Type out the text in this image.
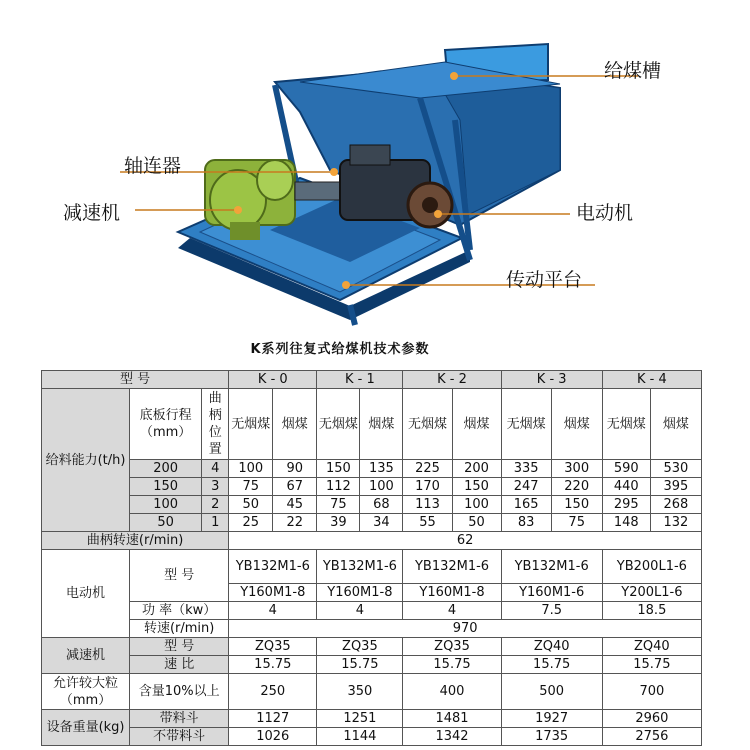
给煤槽
轴连器
减速机	电动机
传动平台
K系列往复式给煤机技术参数
型 号			K - 0		K - 1		K - 2		K - 3		K - 4	
给料能力(t/h)	底板行程（mm）	曲柄位置	无烟煤	烟煤	无烟煤	烟煤	无烟煤	烟煤	无烟煤	烟煤	无烟煤	烟煤
	200	4	100	90	150	135	225	200	335	300	590	530
	150	3	75	67	112	100	170	150	247	220	440	395
	100	2	50	45	75	68	113	100	165	150	295	268
	50	1	25	22	39	34	55	50	83	75	148	132
曲柄转速(r/min)			62									
电动机	型 号		YB132M1-6		YB132M1-6		YB132M1-6		YB132M1-6		YB200L1-6	
			Y160M1-8		Y160M1-8		Y160M1-8		Y160M1-6		Y200L1-6	
	功 率（kw）		4		4		4		7.5		18.5	
	转速(r/min)		970									
减速机	型 号		ZQ35		ZQ35		ZQ35		ZQ40		ZQ40	
	速 比		15.75		15.75		15.75		15.75		15.75	
允许较大粒（mm）	含量10%以上		250		350		400		500		700	
设备重量(kg)	带料斗		1127		1251		1481		1927		2960	
	不带料斗		1026		1144		1342		1735		2756	
